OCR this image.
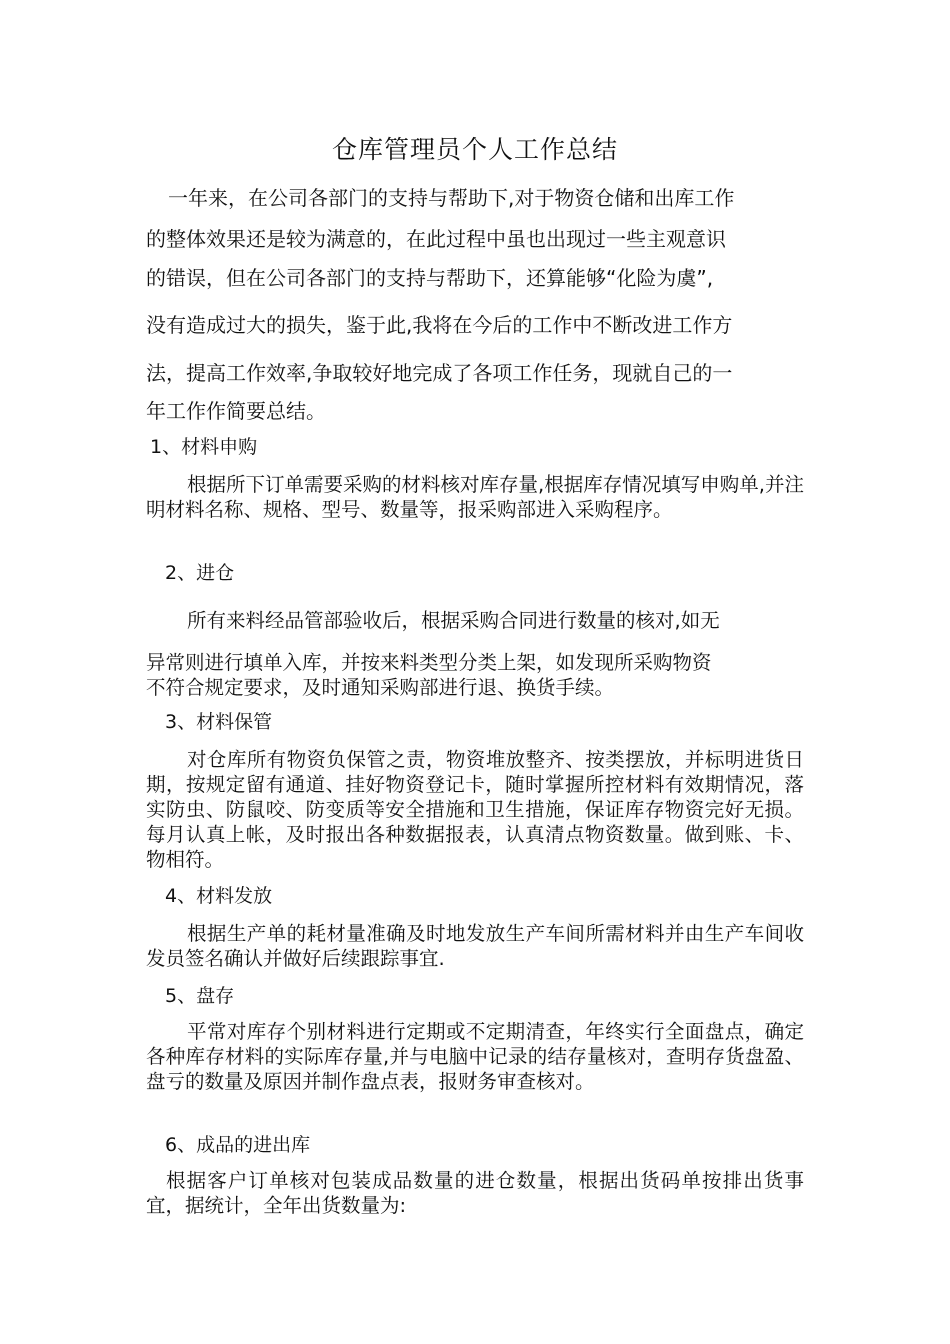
仓库管理员个人工作总结
一年来，在公司各部门的支持与帮助下,对于物资仓储和出库工作
的整体效果还是较为满意的，在此过程中虽也出现过一些主观意识
的错误，但在公司各部门的支持与帮助下，还算能够“化险为虞”,
没有造成过大的损失，鉴于此,我将在今后的工作中不断改进工作方
法，提高工作效率,争取较好地完成了各项工作任务，现就自己的一
年工作作简要总结。
1、材料申购

根据所下订单需要采购的材料核对库存量,根据库存情况填写申购单,并注明材料名称、规格、型号、数量等，报采购部进入采购程序。

2、进仓

所有来料经品管部验收后，根据采购合同进行数量的核对,如无

异常则进行填单入库，并按来料类型分类上架，如发现所采购物资

不符合规定要求，及时通知采购部进行退、换货手续。

3、材料保管

对仓库所有物资负保管之责，物资堆放整齐、按类摆放，并标明进货日期，按规定留有通道、挂好物资登记卡，随时掌握所控材料有效期情况，落实防虫、防鼠咬、防变质等安全措施和卫生措施，保证库存物资完好无损。每月认真上帐，及时报出各种数据报表，认真清点物资数量。做到账、卡、物相符。

4、材料发放

根据生产单的耗材量准确及时地发放生产车间所需材料并由生产车间收发员签名确认并做好后续跟踪事宜.

5、盘存

平常对库存个别材料进行定期或不定期清查，年终实行全面盘点，确定各种库存材料的实际库存量,并与电脑中记录的结存量核对，查明存货盘盈、盘亏的数量及原因并制作盘点表，报财务审查核对。

6、成品的进出库

根据客户订单核对包装成品数量的进仓数量，根据出货码单按排出货事宜，据统计，全年出货数量为:
